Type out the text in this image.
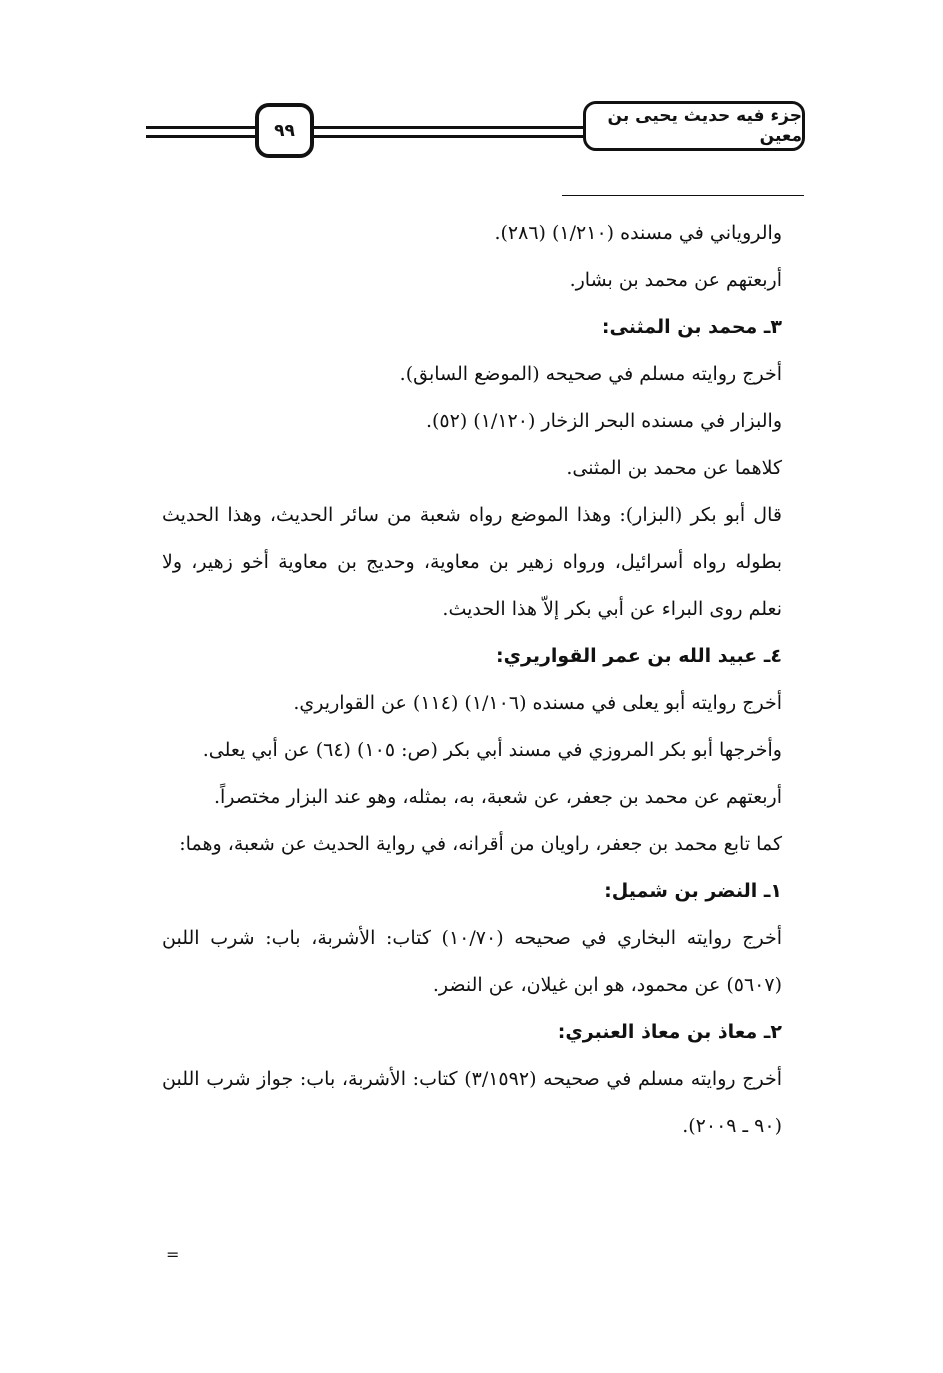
جزء فيه حديث يحيى بن معين
٩٩
والروياني في مسنده (١/٢١٠) (٢٨٦).
أربعتهم عن محمد بن بشار.
٣ـ محمد بن المثنى:
أخرج روايته مسلم في صحيحه (الموضع السابق).
والبزار في مسنده البحر الزخار (١/١٢٠) (٥٢).
كلاهما عن محمد بن المثنى.
قال أبو بكر (البزار): وهذا الموضع رواه شعبة من سائر الحديث، وهذا الحديث بطوله رواه أسرائيل، ورواه زهير بن معاوية، وحديج بن معاوية أخو زهير، ولا نعلم روى البراء عن أبي بكر إلاّ هذا الحديث.
٤ـ عبيد الله بن عمر القواريري:
أخرج روايته أبو يعلى في مسنده (١/١٠٦) (١١٤) عن القواريري.
وأخرجها أبو بكر المروزي في مسند أبي بكر (ص: ١٠٥) (٦٤) عن أبي يعلى.
أربعتهم عن محمد بن جعفر، عن شعبة، به، بمثله، وهو عند البزار مختصراً.
كما تابع محمد بن جعفر، راويان من أقرانه، في رواية الحديث عن شعبة، وهما:
١ـ النضر بن شميل:
أخرج روايته البخاري في صحيحه (١٠/٧٠) كتاب: الأشربة، باب: شرب اللبن (٥٦٠٧) عن محمود، هو ابن غيلان، عن النضر.
٢ـ معاذ بن معاذ العنبري:
أخرج روايته مسلم في صحيحه (٣/١٥٩٢) كتاب: الأشربة، باب: جواز شرب اللبن (٩٠ ـ ٢٠٠٩).
=
